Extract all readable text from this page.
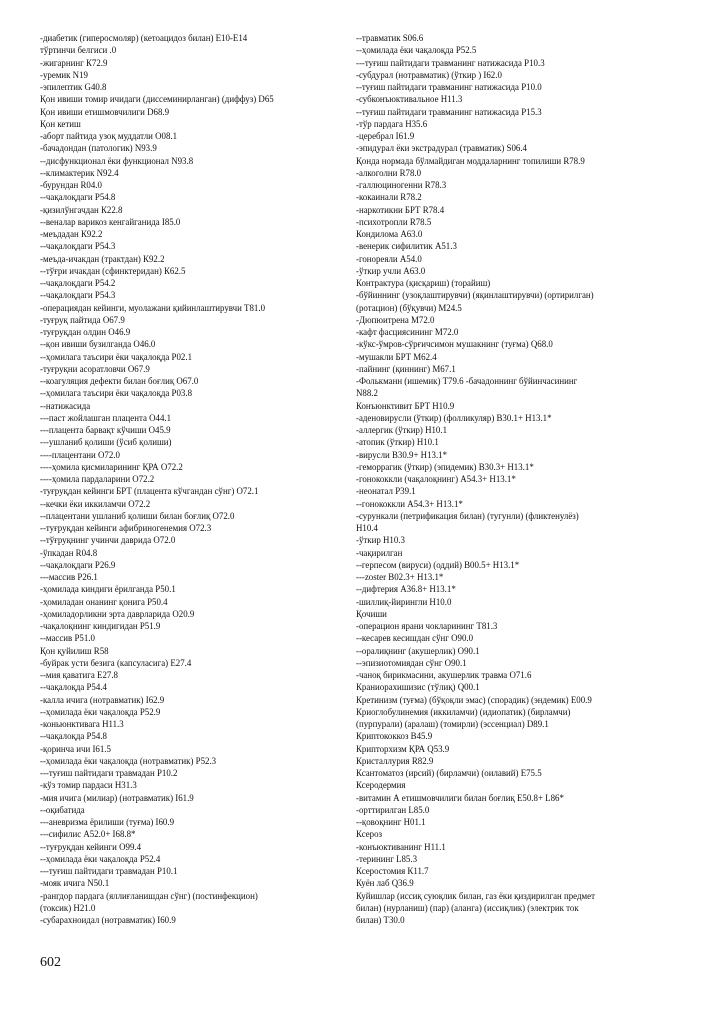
-диабетик (гиперосмоляр) (кетоацидоз билан) Е10-Е14
тўртинчи белгиси .0
-жигарнинг К72.9
-уремик N19
-эпилептик G40.8
Қон ивиши томир ичидаги (диссеминирланган) (диффуз) D65
Қон ивиши етишмовчилиги D68.9
Қон кетиш
-аборт пайтида узоқ муддатли О08.1
-бачадондан (патологик) N93.9
--дисфункционал ёки функционал N93.8
--климактерик N92.4
-бурундан R04.0
--чақалоқдаги Р54.8
-қизилўнгачдан К22.8
--веналар варикоз кенгайганида I85.0
-меъдадан К92.2
--чақалоқдаги Р54.3
-меъда-ичакдан (трактдан) К92.2
--тўғри ичакдан (сфинктеридан) К62.5
--чақалоқдаги Р54.2
--чақалоқдаги Р54.3
-операциядан кейинги, муолажани қийинлаштирувчи Т81.0
-туғруқ пайтида О67.9
-туғруқдан олдин О46.9
--қон ивиши бузилганда О46.0
--ҳомилага таъсири ёки чақалоқда Р02.1
-туғруқни асоратловчи О67.9
--коагуляция дефекти билан боғлиқ О67.0
--ҳомилага таъсири ёки чақалоқда Р03.8
--натижасида
---паст жойлашган плацента О44.1
---плацента барвақт кўчиши О45.9
---ушланиб қолиши (ўсиб қолиши)
----плацентани О72.0
----ҳомила қисмиларининг ҚРА О72.2
----ҳомила пардаларини О72.2
-туғруқдан кейинги БРТ (плацента кўчгандан сўнг) О72.1
--кечки ёки иккиламчи О72.2
--плацентани ушланиб қолиши билан боғлиқ О72.0
--туғруқдан кейинги афибриногенемия О72.3
--тўғруқнинг учинчи даврида О72.0
-ўпкадан R04.8
--чақалоқдаги Р26.9
---массив Р26.1
-ҳомилада киндиги ёрилганда Р50.1
-ҳомиладан онанинг қонига Р50.4
-ҳомиладорликни эрта даврларида О20.9
-чақалоқнинг киндигидан Р51.9
--массив Р51.0
Қон қуйилиш R58
-буйрак усти безига (капсуласига) Е27.4
--мия қаватига Е27.8
--чақалоқда Р54.4
-калла ичига (нотравматик) I62.9
--ҳомилада ёки чақалоқда Р52.9
-коньюнктивага Н11.3
--чақалоқда Р54.8
-қоринча ичи I61.5
--ҳомилада ёки чақалоқда (нотравматик) Р52.3
---туғиш пайтидаги травмадан Р10.2
-кўз томир пардаси Н31.3
-мия ичига (милиар) (нотравматик) I61.9
--оқибатида
---аневризма ёрилиши (туғма) I60.9
---сифилис А52.0+ I68.8*
--туғруқдан кейинги О99.4
--ҳомилада ёки чақалоқда Р52.4
---туғиш пайтидаги травмадан Р10.1
-мояк ичига N50.1
-рангдор пардага (яллиғланишдан сўнг) (постинфекцион)
(токсик) Н21.0
-субарахноидал (нотравматик) I60.9
--травматик S06.6
--ҳомилада ёки чақалоқда Р52.5
---туғиш пайтидаги травманинг натижасида Р10.3
-субдурал (нотравматик) (ўткир ) I62.0
--туғиш пайтидаги травманинг натижасида Р10.0
-субконъюктивальное Н11.3
--туғиш пайтидаги травманинг натижасида Р15.3
-тўр пардага Н35.6
-церебрал I61.9
-эпидурал ёки экстрадурал (травматик) S06.4
Қонда нормада бўлмайдиган моддаларнинг топилиши R78.9
-алкоголни R78.0
-галлюциногенни R78.3
-кокаинали R78.2
-наркотикни БРТ R78.4
-психотропли R78.5
Кондилома А63.0
-венерик сифилитик А51.3
-гонореяли А54.0
-ўткир учли А63.0
Контрактура (қисқариш) (торайиш)
-бўйиннинг (узоқлаштирувчи) (яқинлаштирувчи) (ортирилган)
(ротацион) (бўқувчи) М24.5
-Дюпюитрена М72.0
-кафт фасциясининг М72.0
-кўкс-ўмров-сўрғичсимон мушакнинг (туғма) Q68.0
-мушакли БРТ М62.4
-пайнинг (қиннинг) М67.1
-Фолькманн (ишемик) Т79.6 -бачадоннинг бўйинчасининг
N88.2
Конъюнктивит БРТ Н10.9
-аденовирусли (ўткир) (фолликуляр) В30.1+ Н13.1*
-аллергик (ўткир) Н10.1
-атопик (ўткир) Н10.1
-вирусли В30.9+ Н13.1*
-геморрагик (ўткир) (эпидемик) В30.3+ Н13.1*
-гонококкли (чақалоқнинг) А54.3+ Н13.1*
-неонатал Р39.1
--гонококкли А54.3+ Н13.1*
-сурункали (петрификация билан) (тугунли) (фликтенулёз)
Н10.4
-ўткир Н10.3
-чақирилган
--герпесом (вируси) (оддий) В00.5+ Н13.1*
---zoster В02.3+ Н13.1*
--дифтерия А36.8+ Н13.1*
-шиллиқ-йирингли Н10.0
Қочиши
-операцион ярани чокларининг Т81.3
--кесарев кесишдан сўнг О90.0
--оралиқнинг (акушерлик) О90.1
--эпизиотомиядан сўнг О90.1
-чаноқ бирикмасини, акушерлик травма О71.6
Краниорахишизис (тўлиқ) Q00.1
Кретинизм (туғма) (бўқоқли эмас) (спорадик) (эндемик) Е00.9
Криоглобулинемия (иккиламчи) (идиопатик) (бирламчи)
(пурпурали) (аралаш) (томирли) (эссенциал) D89.1
Криптококкоз В45.9
Крипторхизм ҚРА Q53.9
Кристаллурия R82.9
Ксантоматоз (ирсий) (бирламчи) (оилавий) Е75.5
Ксеродермия
-витамин А етишмовчилиги билан боғлиқ Е50.8+ L86*
-орттирилган L85.0
--қовоқнинг Н01.1
Ксероз
-конъюктиванинг Н11.1
-терининг L85.3
Ксеростомия К11.7
Куён лаб Q36.9
Куйишлар (иссиқ суюқлик билан, газ ёки қиздирилган предмет
билан) (нурланиш) (пар) (аланга) (иссиқлик) (электрик ток
билан) Т30.0
602
